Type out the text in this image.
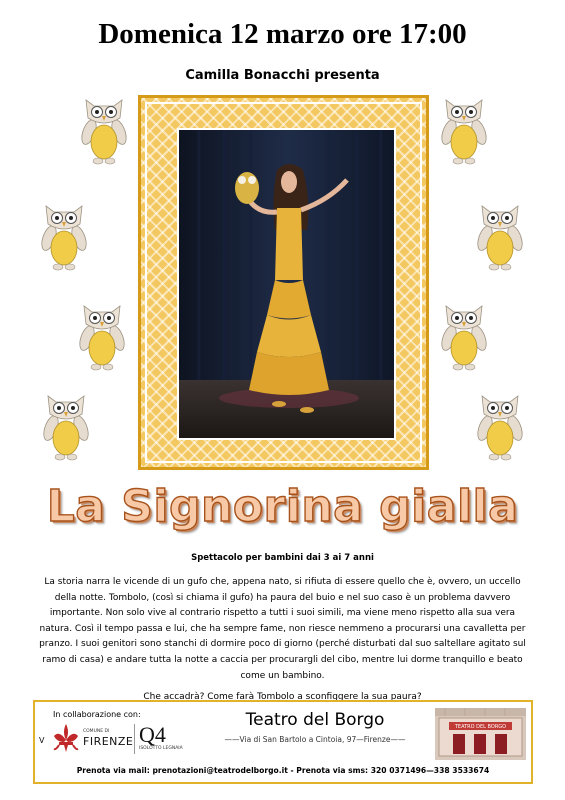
Domenica 12 marzo ore 17:00
Camilla Bonacchi presenta
La Signorina gialla
Spettacolo per bambini dai 3 ai 7 anni

La storia narra le vicende di un gufo che, appena nato, si rifiuta di essere quello che è, ovvero, un uccello della notte. Tombolo, (così si chiama il gufo) ha paura del buio e nel suo caso è un problema davvero importante. Non solo vive al contrario rispetto a tutti i suoi simili, ma viene meno rispetto alla sua vera natura. Così il tempo passa e lui, che ha sempre fame, non riesce nemmeno a procurarsi una cavalletta per pranzo. I suoi genitori sono stanchi di dormire poco di giorno (perché disturbati dal suo saltellare agitato sul ramo di casa) e andare tutta la notte a caccia per procurargli del cibo, mentre lui dorme tranquillo e beato come un bambino.

Che accadrà? Come farà Tombolo a sconfiggere la sua paura?

In collaborazione con:
V
COMUNE DI
FIRENZE Q4
ISOLOTTO LEGNAIA
Teatro del Borgo
——Via di San Bartolo a Cintoia, 97—Firenze——
TEATRO DEL BORGO
Prenota via mail: prenotazioni@teatrodelborgo.it - Prenota via sms: 320 0371496—338 3533674
